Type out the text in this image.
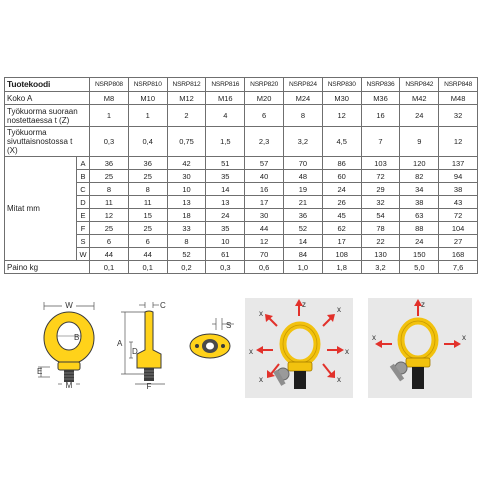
Tuotekoodi		NSRP808	NSRP810	NSRP812	NSRP816	NSRP820	NSRP824	NSRP830	NSRP836	NSRP842	NSRP848
Koko A		M8	M10	M12	M16	M20	M24	M30	M36	M42	M48

Työkuorma suoraan
nostettaessa t (Z)		1	1	2	4	6	8	12	16	24	32

Työkuorma
sivuttaisnostossa t
(X)		0,3	0,4	0,75	1,5	2,3	3,2	4,5	7	9	12
Mitat mm	A	36	36	42	51	57	70	86	103	120	137
	B	25	25	30	35	40	48	60	72	82	94
	C	8	8	10	14	16	19	24	29	34	38
	D	11	11	13	13	17	21	26	32	38	43
	E	12	15	18	24	30	36	45	54	63	72
	F	25	25	33	35	44	52	62	78	88	104
	S	6	6	8	10	12	14	17	22	24	27
	W	44	44	52	61	70	84	108	130	150	168
Paino kg		0,1	0,1	0,2	0,3	0,6	1,0	1,8	3,2	5,0	7,6
W
B
E
M
C
A
D
F
S
z
x	x
x	x
x	x
z
x	x
